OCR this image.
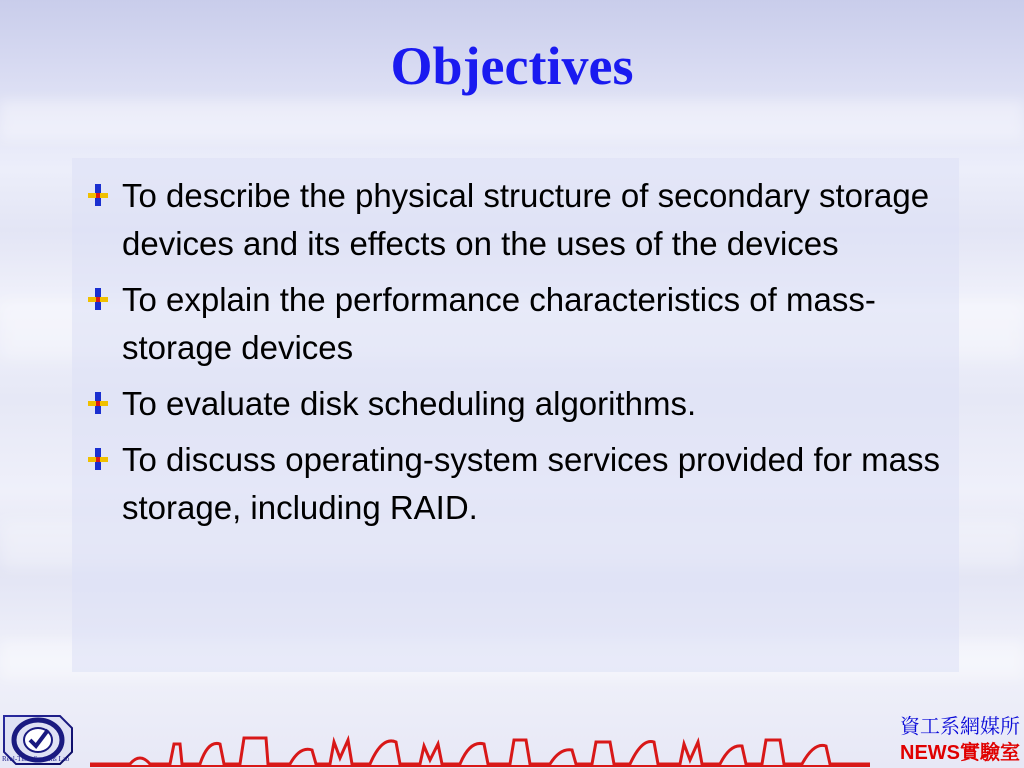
Objectives
To describe the physical structure of secondary storage devices and its effects on the uses of the devices
To explain the performance characteristics of mass-storage devices
To evaluate disk scheduling algorithms.
To discuss operating-system services provided for mass storage, including RAID.
Real-Time Systems Lab
資工系網媒所
NEWS實驗室
